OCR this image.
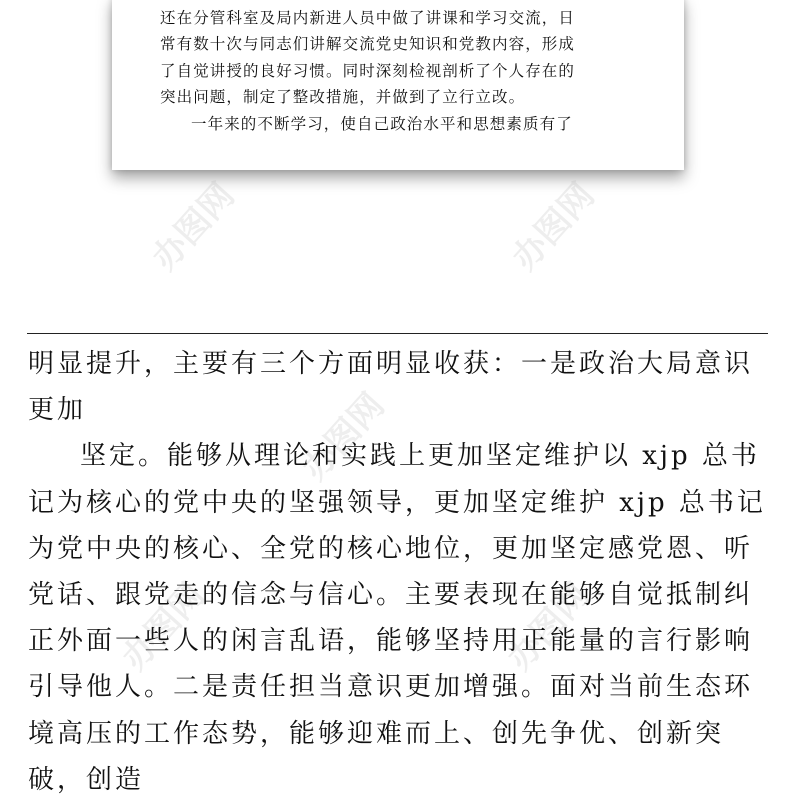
还在分管科室及局内新进人员中做了讲课和学习交流，日

常有数十次与同志们讲解交流党史知识和党教内容，形成

了自觉讲授的良好习惯。同时深刻检视剖析了个人存在的

突出问题，制定了整改措施，并做到了立行立改。

一年来的不断学习，使自己政治水平和思想素质有了

办图网	办图网
办图网
办图网	办图网

明显提升，主要有三个方面明显收获：一是政治大局意识更加

坚定。能够从理论和实践上更加坚定维护以 xjp 总书记为核心的党中央的坚强领导，更加坚定维护 xjp 总书记为党中央的核心、全党的核心地位，更加坚定感党恩、听党话、跟党走的信念与信心。主要表现在能够自觉抵制纠正外面一些人的闲言乱语，能够坚持用正能量的言行影响引导他人。二是责任担当意识更加增强。面对当前生态环境高压的工作态势，能够迎难而上、创先争优、创新突破，创造
